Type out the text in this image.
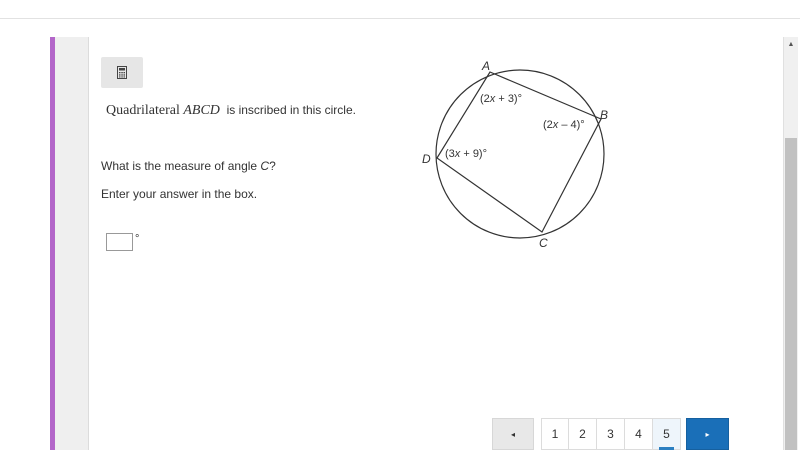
▲
Quadrilateral ABCD is inscribed in this circle.
What is the measure of angle C?
Enter your answer in the box.
°
A
B
C
D
(2x + 3)°
(2x – 4)°
(3x + 9)°
◂	1	2	3	4	5	▸
